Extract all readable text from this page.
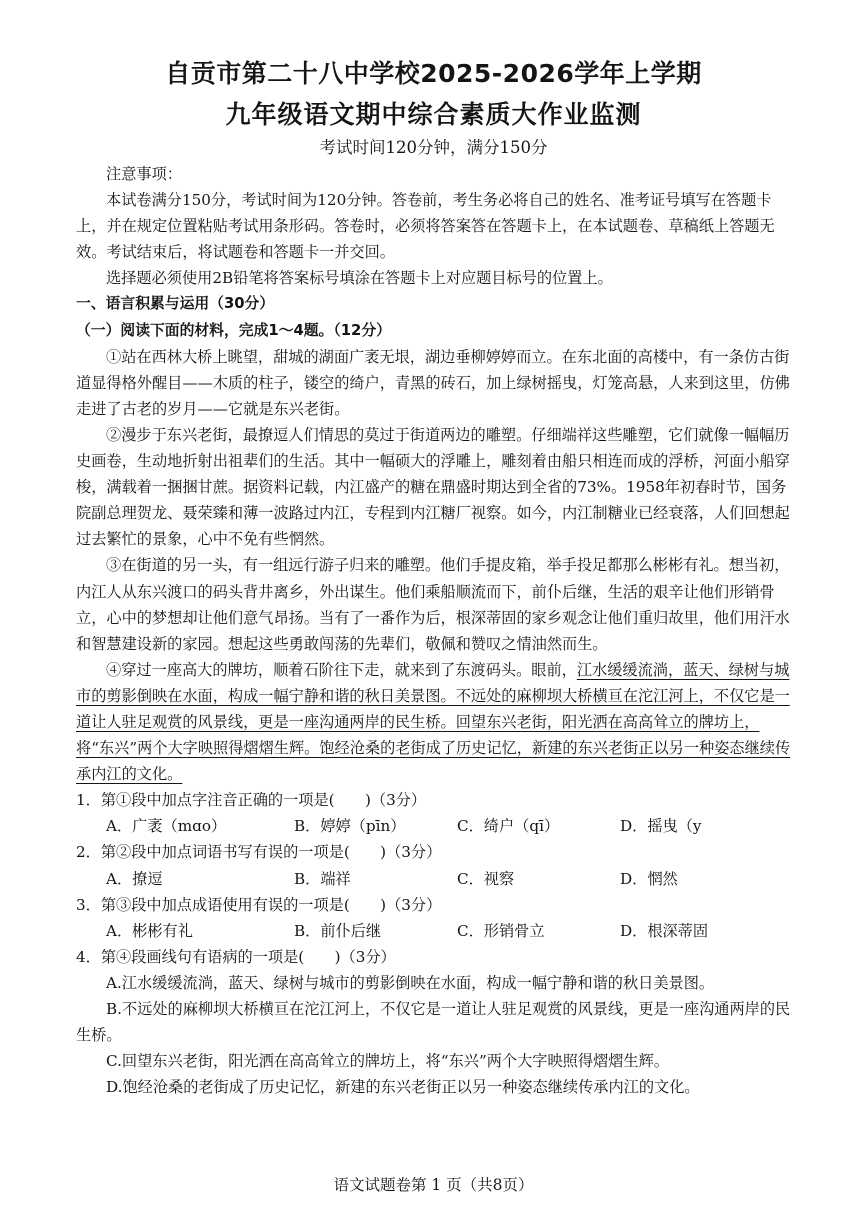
自贡市第二十八中学校2025-2026学年上学期
九年级语文期中综合素质大作业监测
考试时间120分钟，满分150分

注意事项：

本试卷满分150分，考试时间为120分钟。答卷前，考生务必将自己的姓名、准考证号填写在答题卡上，并在规定位置粘贴考试用条形码。答卷时，必须将答案答在答题卡上，在本试题卷、草稿纸上答题无效。考试结束后，将试题卷和答题卡一并交回。

选择题必须使用2B铅笔将答案标号填涂在答题卡上对应题目标号的位置上。

一、语言积累与运用（30分）

（一）阅读下面的材料，完成1～4题。（12分）

①站在西林大桥上眺望，甜城的湖面广袤无垠，湖边垂柳婷婷而立。在东北面的高楼中，有一条仿古街道显得格外醒目——木质的柱子，镂空的绮户，青黑的砖石，加上绿树摇曳，灯笼高悬，人来到这里，仿佛走进了古老的岁月——它就是东兴老街。

②漫步于东兴老街，最撩逗人们情思的莫过于街道两边的雕塑。仔细端祥这些雕塑，它们就像一幅幅历史画卷，生动地折射出祖辈们的生活。其中一幅硕大的浮雕上，雕刻着由船只相连而成的浮桥，河面小船穿梭，满载着一捆捆甘蔗。据资料记载，内江盛产的糖在鼎盛时期达到全省的73%。1958年初春时节，国务院副总理贺龙、聂荣臻和薄一波路过内江，专程到内江糖厂视察。如今，内江制糖业已经衰落，人们回想起过去繁忙的景象，心中不免有些惘然。

③在街道的另一头，有一组远行游子归来的雕塑。他们手提皮箱，举手投足都那么彬彬有礼。想当初，内江人从东兴渡口的码头背井离乡，外出谋生。他们乘船顺流而下，前仆后继，生活的艰辛让他们形销骨立，心中的梦想却让他们意气昂扬。当有了一番作为后，根深蒂固的家乡观念让他们重归故里，他们用汗水和智慧建设新的家园。想起这些勇敢闯荡的先辈们，敬佩和赞叹之情油然而生。

④穿过一座高大的牌坊，顺着石阶往下走，就来到了东渡码头。眼前，江水缓缓流淌，蓝天、绿树与城市的剪影倒映在水面，构成一幅宁静和谐的秋日美景图。不远处的麻柳坝大桥横亘在沱江河上，不仅它是一道让人驻足观赏的风景线，更是一座沟通两岸的民生桥。回望东兴老街，阳光洒在高高耸立的牌坊上，将“东兴”两个大字映照得熠熠生辉。饱经沧桑的老街成了历史记忆，新建的东兴老街正以另一种姿态继续传承内江的文化。

1．第①段中加点字注音正确的一项是(　　)（3分）

A．广袤（mɑo）	B．婷婷（pīn）	C．绮户（qī）	D．摇曳（y

2．第②段中加点词语书写有误的一项是(　　)（3分）

A．撩逗	B．端祥	C．视察	D．惘然

3．第③段中加点成语使用有误的一项是(　　)（3分）

A．彬彬有礼	B．前仆后继	C．形销骨立	D．根深蒂固

4．第④段画线句有语病的一项是(　　)（3分）

A.江水缓缓流淌，蓝天、绿树与城市的剪影倒映在水面，构成一幅宁静和谐的秋日美景图。

B.不远处的麻柳坝大桥横亘在沱江河上，不仅它是一道让人驻足观赏的风景线，更是一座沟通两岸的民生桥。

C.回望东兴老街，阳光洒在高高耸立的牌坊上，将“东兴”两个大字映照得熠熠生辉。

D.饱经沧桑的老街成了历史记忆，新建的东兴老街正以另一种姿态继续传承内江的文化。

语文试题卷第 1 页（共8页）
